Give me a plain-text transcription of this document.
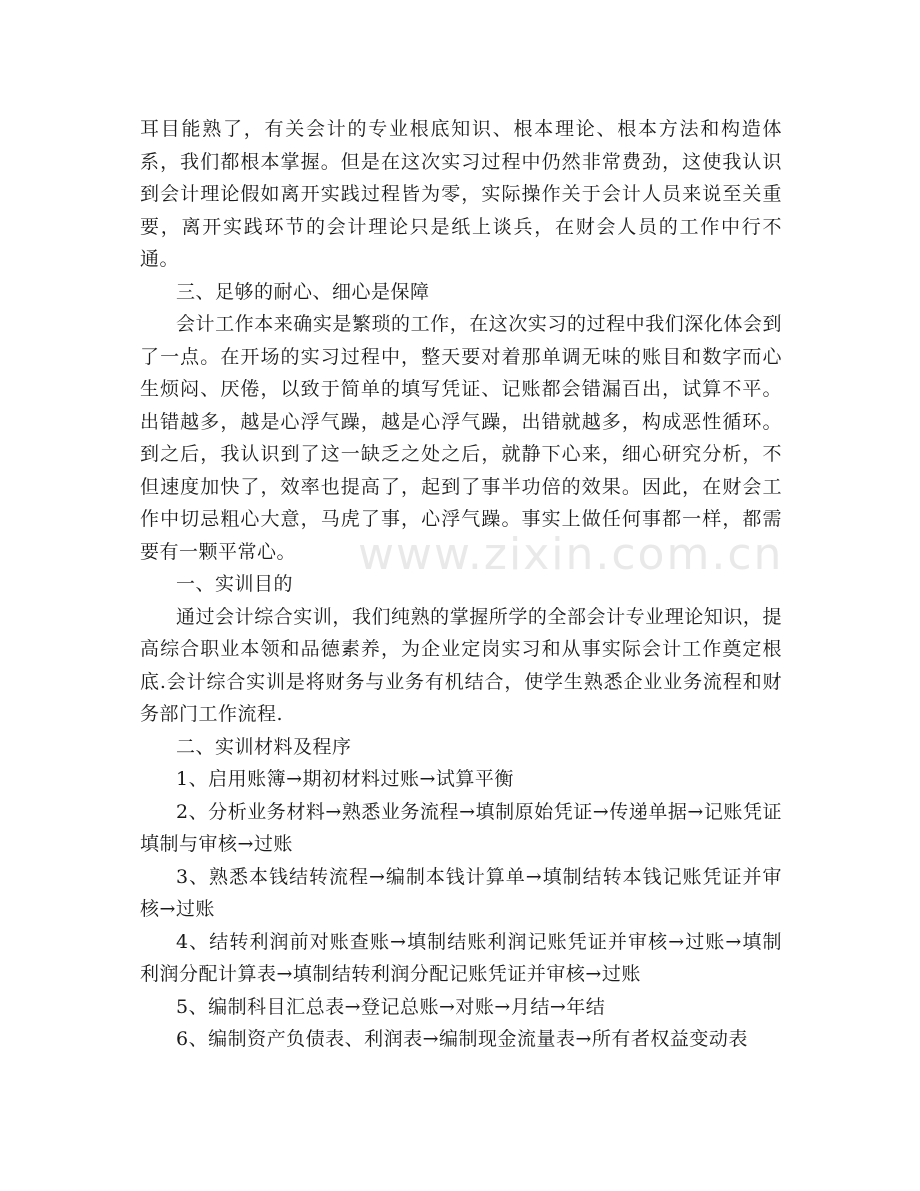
www.zixin.com.cn

耳目能熟了，有关会计的专业根底知识、根本理论、根本方法和构造体系，我们都根本掌握。但是在这次实习过程中仍然非常费劲，这使我认识到会计理论假如离开实践过程皆为零，实际操作关于会计人员来说至关重要，离开实践环节的会计理论只是纸上谈兵，在财会人员的工作中行不通。

三、足够的耐心、细心是保障

会计工作本来确实是繁琐的工作，在这次实习的过程中我们深化体会到了一点。在开场的实习过程中，整天要对着那单调无味的账目和数字而心生烦闷、厌倦，以致于简单的填写凭证、记账都会错漏百出，试算不平。出错越多，越是心浮气躁，越是心浮气躁，出错就越多，构成恶性循环。到之后，我认识到了这一缺乏之处之后，就静下心来，细心研究分析，不但速度加快了，效率也提高了，起到了事半功倍的效果。因此，在财会工作中切忌粗心大意，马虎了事，心浮气躁。事实上做任何事都一样，都需要有一颗平常心。

一、实训目的

通过会计综合实训，我们纯熟的掌握所学的全部会计专业理论知识，提高综合职业本领和品德素养，为企业定岗实习和从事实际会计工作奠定根底.会计综合实训是将财务与业务有机结合，使学生熟悉企业业务流程和财务部门工作流程.

二、实训材料及程序

1、启用账簿→期初材料过账→试算平衡

2、分析业务材料→熟悉业务流程→填制原始凭证→传递单据→记账凭证填制与审核→过账

3、熟悉本钱结转流程→编制本钱计算单→填制结转本钱记账凭证并审核→过账

4、结转利润前对账查账→填制结账利润记账凭证并审核→过账→填制利润分配计算表→填制结转利润分配记账凭证并审核→过账

5、编制科目汇总表→登记总账→对账→月结→年结

6、编制资产负债表、利润表→编制现金流量表→所有者权益变动表
